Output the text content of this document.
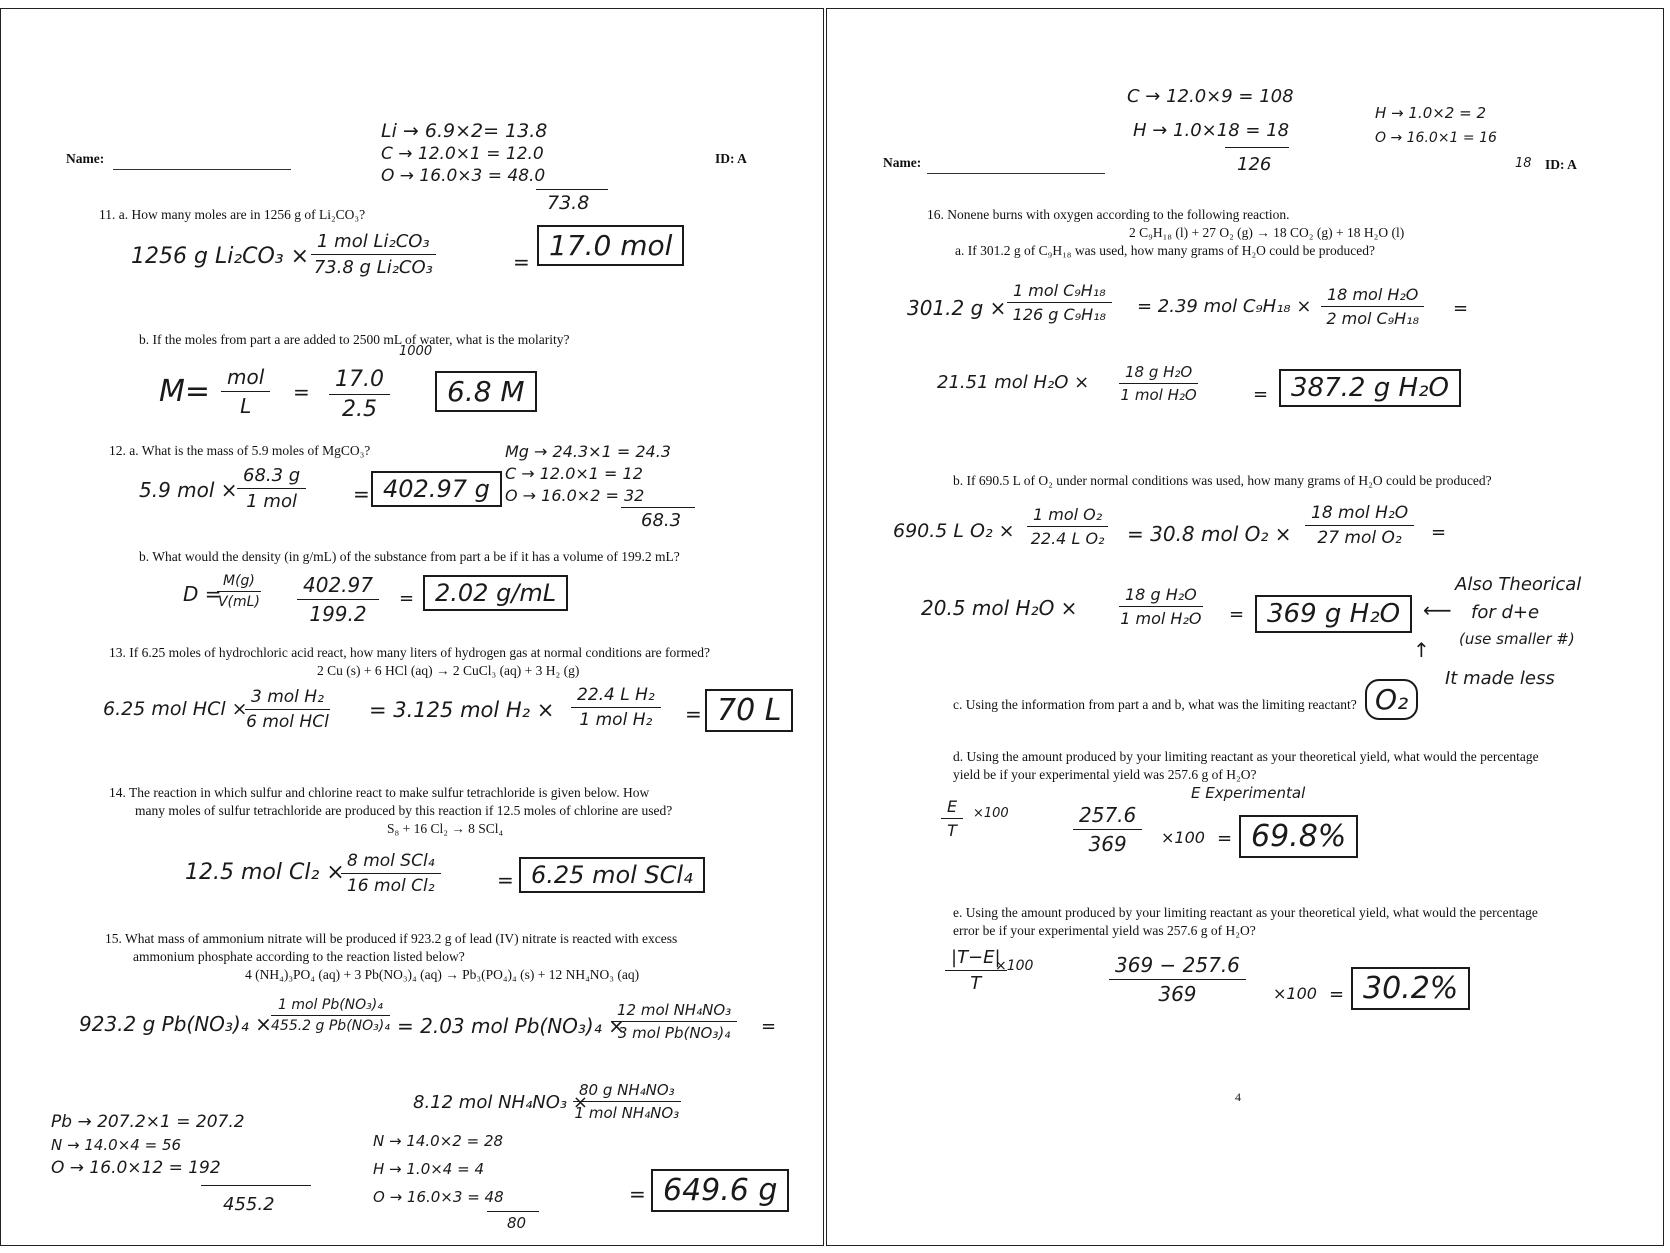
Name:	ID: A
Li → 6.9×2= 13.8
C → 12.0×1 = 12.0
O → 16.0×3 = 48.0
73.8
11. a. How many moles are in 1256 g of Li₂CO₃?
1256 g Li₂CO₃ ×
1 mol Li₂CO₃
73.8 g Li₂CO₃	= 17.0 mol
b. If the moles from part a are added to 2500 mL of water, what is the molarity?
1000
M= mol
L
= $\frac{17.0}{2.5}$	6.8 M
12. a. What is the mass of 5.9 moles of MgCO₃?
5.9 mol ×
68.3 g
1 mol	= 402.97 g
Mg → 24.3×1 = 24.3
C → 12.0×1 = 12
O → 16.0×2 = 32
68.3
b. What would the density (in g/mL) of the substance from part a be if it has a volume of 199.2 mL?
D =
$\frac{M(g)}{V(mL)} \frac{402.97}{199.2} = 2.02$ g/mL
13. If 6.25 moles of hydrochloric acid react, how many liters of hydrogen gas at normal conditions are formed?
2 Cu (s) + 6 HCl (aq) → 2 CuCl₃ (aq) + 3 H₂ (g)
6.25 mol HCl ×
3 mol H₂
6 mol HCl = 3.125 mol H₂ ×
22.4 L H₂
1 mol H₂	= 70 L
14. The reaction in which sulfur and chlorine react to make sulfur tetrachloride is given below. How
many moles of sulfur tetrachloride are produced by this reaction if 12.5 moles of chlorine are used?
S₈ + 16 Cl₂ → 8 SCl₄
12.5 mol Cl₂ × 8 mol SCl₄
16 mol Cl₂	= 6.25 mol SCl₄
15. What mass of ammonium nitrate will be produced if 923.2 g of lead (IV) nitrate is reacted with excess
ammonium phosphate according to the reaction listed below?
4 (NH₄)₃PO₄ (aq) + 3 Pb(NO₃)₄ (aq) → Pb₃(PO₄)₄ (s) + 12 NH₄NO₃ (aq)
923.2 g Pb(NO₃)₄ ×
1 mol Pb(NO₃)₄
455.2 g Pb(NO₃)₄ = 2.03 mol Pb(NO₃)₄ ×
12 mol NH₄NO₃
3 mol Pb(NO₃)₄	=
8.12 mol NH₄NO₃ ×
80 g NH₄NO₃
1 mol NH₄NO₃
= 649.6 g
Pb → 207.2×1 = 207.2
N → 14.0×4 = 56
O → 16.0×12 = 192
455.2
N → 14.0×2 = 28
H → 1.0×4 = 4
O → 16.0×3 = 48
80
Name:	ID: A
C → 12.0×9 = 108
H → 1.0×18 = 18
126
H → 1.0×2 = 2
O → 16.0×1 = 16
18
16. Nonene burns with oxygen according to the following reaction.
2 C₉H₁₈ (l) + 27 O₂ (g) → 18 CO₂ (g) + 18 H₂O (l)
a. If 301.2 g of C₉H₁₈ was used, how many grams of H₂O could be produced?
301.2 g ×
1 mol C₉H₁₈
126 g C₉H₁₈	= 2.39 mol C₉H₁₈ ×
18 mol H₂O
2 mol C₉H₁₈ =
21.51 mol H₂O ×	18 g H₂O
1 mol H₂O	= 387.2 g H₂O
b. If 690.5 L of O₂ under normal conditions was used, how many grams of H₂O could be produced?
690.5 L O₂ ×
1 mol O₂
22.4 L O₂ = 30.8 mol O₂ ×
18 mol H₂O
27 mol O₂	=
20.5 mol H₂O ×
18 g H₂O
1 mol H₂O = 369 g H₂O	⟵
Also Theorical
for d+e
(use smaller #)
It made less
↑
c. Using the information from part a and b, what was the limiting reactant? O₂
d. Using the amount produced by your limiting reactant as your theoretical yield, what would the percentage
yield be if your experimental yield was 257.6 g of H₂O?
E Experimental
$\frac{E}{T} \times 100$	$\frac{257.6}{369} \times 100 = 69.8\%$
e. Using the amount produced by your limiting reactant as your theoretical yield, what would the percentage
error be if your experimental yield was 257.6 g of H₂O?
$\frac{|T-E|}{T}$
×100	$\frac{369 - 257.6}{369} \times 100 = 30.2\%$
4
